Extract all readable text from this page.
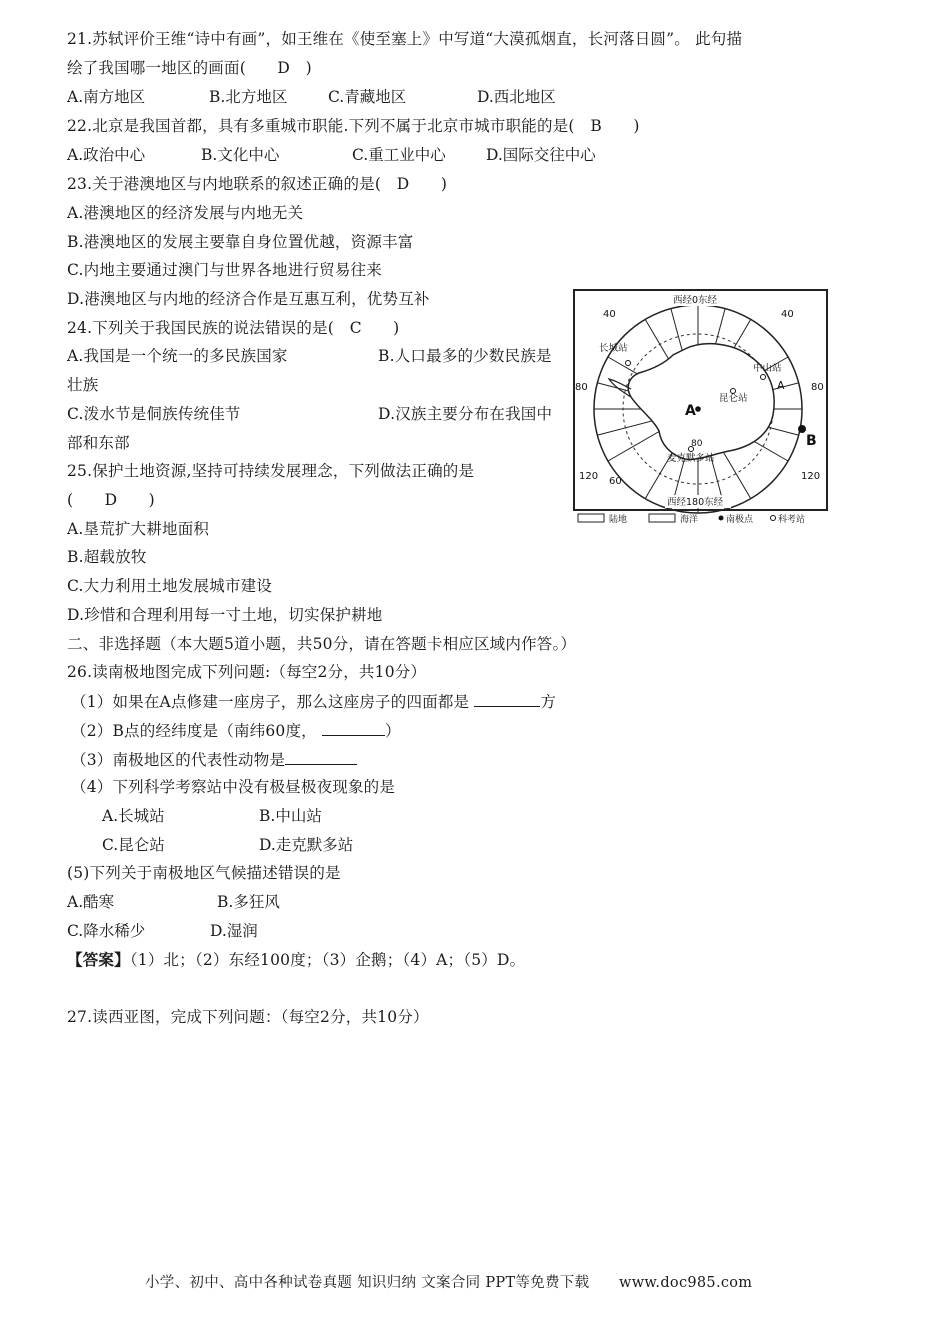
21.苏轼评价王维“诗中有画”，如王维在《使至塞上》中写道“大漠孤烟直，长河落日圆”。 此句描
绘了我国哪一地区的画面(　　D　)
A.南方地区	B.北方地区	C.青藏地区	D.西北地区
22.北京是我国首都，具有多重城市职能.下列不属于北京市城市职能的是(　B　　)
A.政治中心	B.文化中心	C.重工业中心	D.国际交往中心
23.关于港澳地区与内地联系的叙述正确的是(　D　　)
A.港澳地区的经济发展与内地无关
B.港澳地区的发展主要靠自身位置优越，资源丰富
C.内地主要通过澳门与世界各地进行贸易往来
D.港澳地区与内地的经济合作是互惠互利，优势互补
24.下列关于我国民族的说法错误的是(　C　　)
A.我国是一个统一的多民族国家	B.人口最多的少数民族是
壮族
C.泼水节是侗族传统佳节	D.汉族主要分布在我国中
部和东部
25.保护土地资源,坚持可持续发展理念，下列做法正确的是
(　　D　　)
A.垦荒扩大耕地面积
B.超载放牧
C.大力利用土地发展城市建设
D.珍惜和合理利用每一寸土地，切实保护耕地
二、非选择题（本大题5道小题，共50分，请在答题卡相应区域内作答。）
26.读南极地图完成下列问题:（每空2分，共10分）
（1）如果在A点修建一座房子，那么这座房子的四面都是	方
（2）B点的经纬度是（南纬60度，	）
（3）南极地区的代表性动物是
（4）下列科学考察站中没有极昼极夜现象的是
A.长城站	B.中山站
C.昆仑站	D.走克默多站
(5)下列关于南极地区气候描述错误的是
A.酷寒	B.多狂风
C.降水稀少	D.湿润
【答案】（1）北；（2）东经100度；（3）企鹅；（4）A；（5）D。
27.读西亚图，完成下列问题：（每空2分，共10分）
A
B
A
长城站
中山站
昆仑站
麦克默多站
西经0东经
西经180东经
40	40
80	80
120	120
60
80
陆地	海洋	南极点	科考站
小学、初中、高中各种试卷真题 知识归纳 文案合同 PPT等免费下载　　www.doc985.com
